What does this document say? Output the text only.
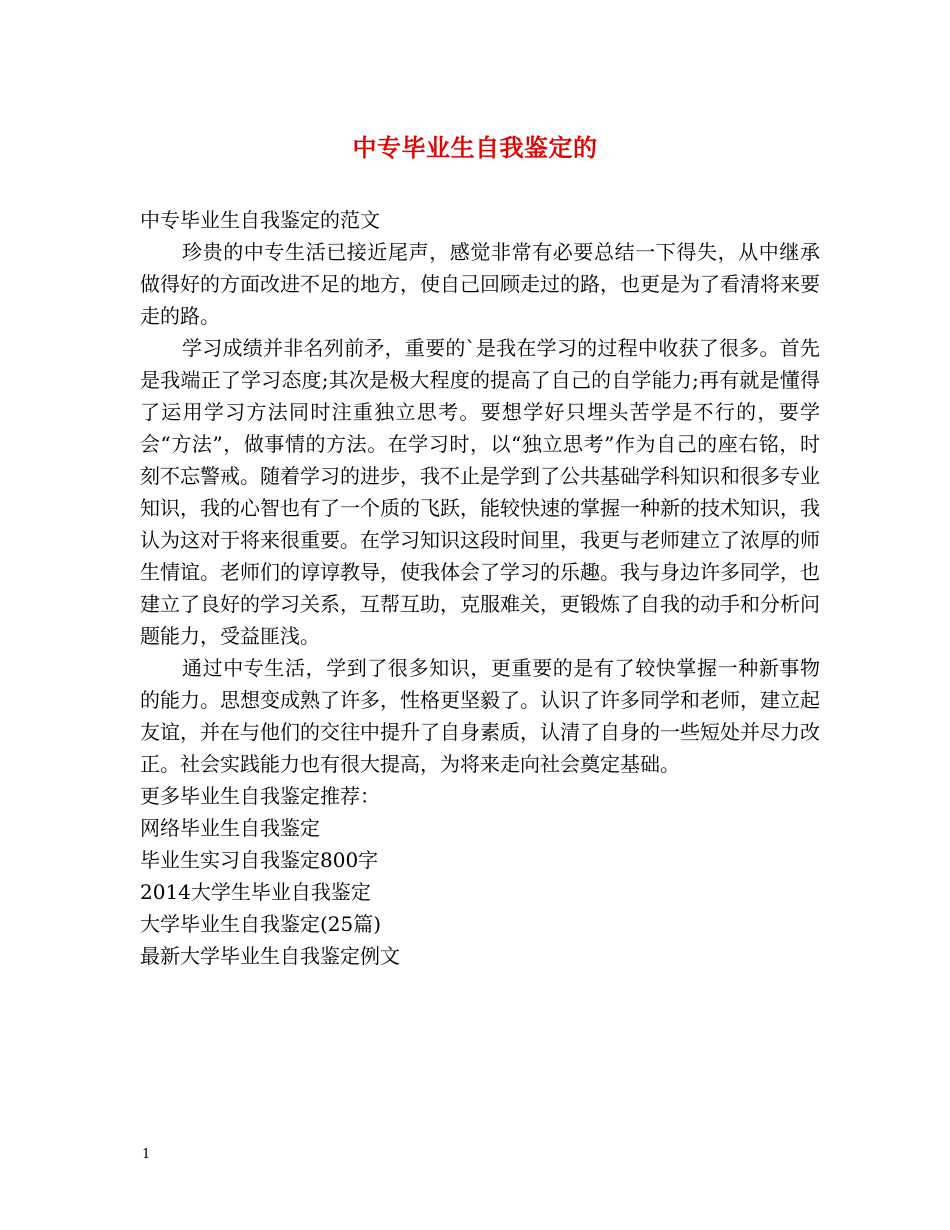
中专毕业生自我鉴定的

中专毕业生自我鉴定的范文

珍贵的中专生活已接近尾声，感觉非常有必要总结一下得失，从中继承做得好的方面改进不足的地方，使自己回顾走过的路，也更是为了看清将来要走的路。

学习成绩并非名列前矛，重要的`是我在学习的过程中收获了很多。首先是我端正了学习态度;其次是极大程度的提高了自己的自学能力;再有就是懂得了运用学习方法同时注重独立思考。要想学好只埋头苦学是不行的，要学会“方法”，做事情的方法。在学习时，以“独立思考”作为自己的座右铭，时刻不忘警戒。随着学习的进步，我不止是学到了公共基础学科知识和很多专业知识，我的心智也有了一个质的飞跃，能较快速的掌握一种新的技术知识，我认为这对于将来很重要。在学习知识这段时间里，我更与老师建立了浓厚的师生情谊。老师们的谆谆教导，使我体会了学习的乐趣。我与身边许多同学，也建立了良好的学习关系，互帮互助，克服难关，更锻炼了自我的动手和分析问题能力，受益匪浅。

通过中专生活，学到了很多知识，更重要的是有了较快掌握一种新事物的能力。思想变成熟了许多，性格更坚毅了。认识了许多同学和老师，建立起友谊，并在与他们的交往中提升了自身素质，认清了自身的一些短处并尽力改正。社会实践能力也有很大提高，为将来走向社会奠定基础。

更多毕业生自我鉴定推荐：

网络毕业生自我鉴定

毕业生实习自我鉴定800字

2014大学生毕业自我鉴定

大学毕业生自我鉴定(25篇)

最新大学毕业生自我鉴定例文

1
